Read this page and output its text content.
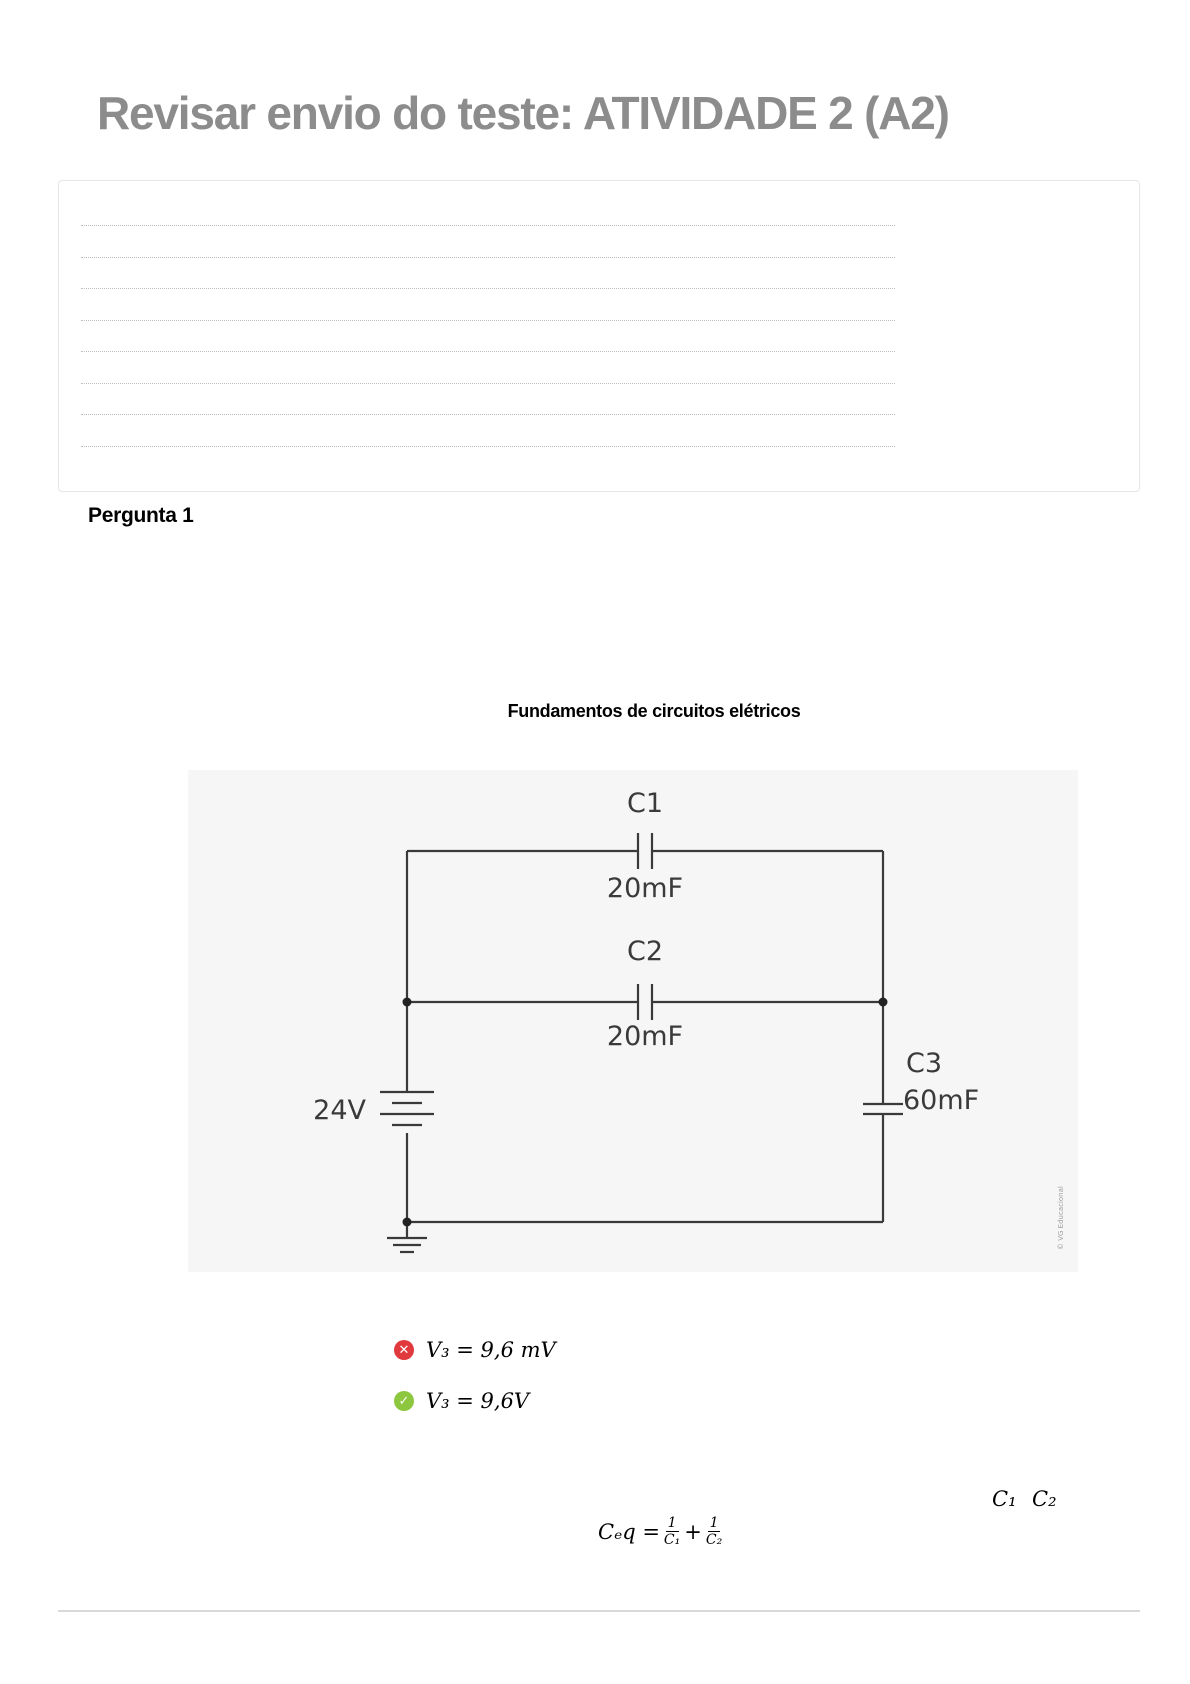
Revisar envio do teste: ATIVIDADE 2 (A2)
Pergunta 1
Fundamentos de circuitos elétricos
C1
20mF
C2
20mF
C3
60mF
24V
© VG Educacional
✕ V₃ = 9,6 mV
✓ V₃ = 9,6V
C₁ C₂
$C_eq = \frac{1}{\text{C₁}} + \frac{1}{\text{C₂}}$
